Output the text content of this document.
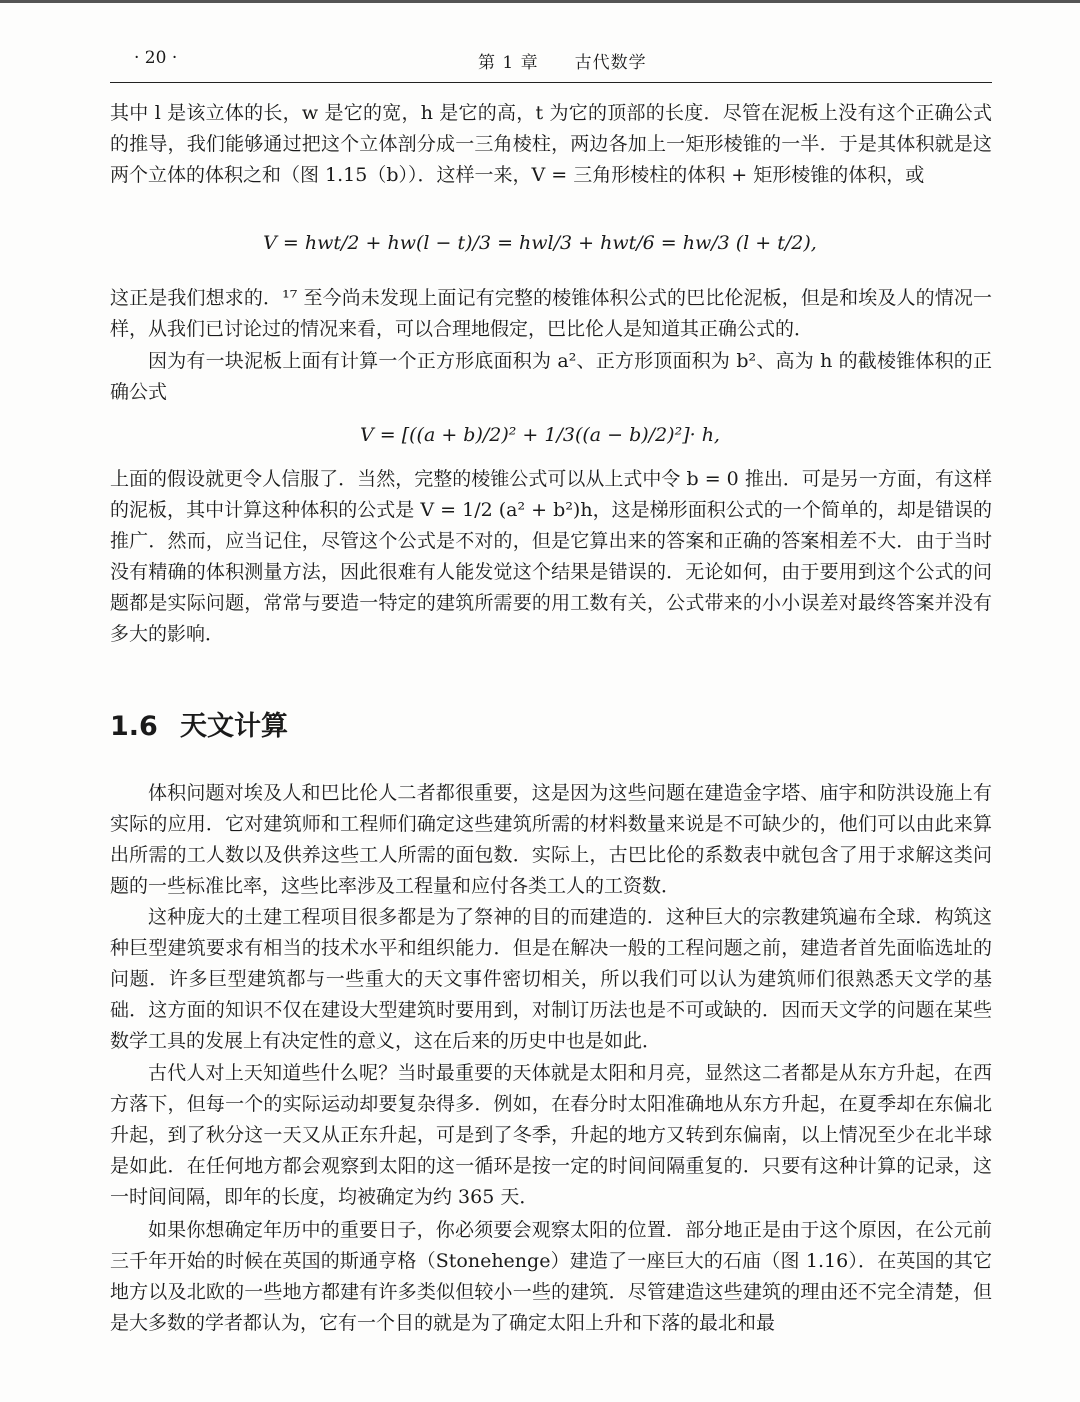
· 20 ·	第 1 章　　古代数学

其中 l 是该立体的长，w 是它的宽，h 是它的高，t 为它的顶部的长度．尽管在泥板上没有这个正确公式的推导，我们能够通过把这个立体剖分成一三角棱柱，两边各加上一矩形棱锥的一半．于是其体积就是这两个立体的体积之和（图 1.15（b））．这样一来，V = 三角形棱柱的体积 + 矩形棱锥的体积，或

V = hwt/2 + hw(l − t)/3 = hwl/3 + hwt/6 = hw/3 (l + t/2),

这正是我们想求的．¹⁷ 至今尚未发现上面记有完整的棱锥体积公式的巴比伦泥板，但是和埃及人的情况一样，从我们已讨论过的情况来看，可以合理地假定，巴比伦人是知道其正确公式的．

因为有一块泥板上面有计算一个正方形底面积为 a²、正方形顶面积为 b²、高为 h 的截棱锥体积的正确公式

V = [((a + b)/2)² + 1/3((a − b)/2)²]· h,

上面的假设就更令人信服了．当然，完整的棱锥公式可以从上式中令 b = 0 推出．可是另一方面，有这样的泥板，其中计算这种体积的公式是 V = 1/2 (a² + b²)h，这是梯形面积公式的一个简单的，却是错误的推广．然而，应当记住，尽管这个公式是不对的，但是它算出来的答案和正确的答案相差不大．由于当时没有精确的体积测量方法，因此很难有人能发觉这个结果是错误的．无论如何，由于要用到这个公式的问题都是实际问题，常常与要造一特定的建筑所需要的用工数有关，公式带来的小小误差对最终答案并没有多大的影响．

1.6 天文计算

体积问题对埃及人和巴比伦人二者都很重要，这是因为这些问题在建造金字塔、庙宇和防洪设施上有实际的应用．它对建筑师和工程师们确定这些建筑所需的材料数量来说是不可缺少的，他们可以由此来算出所需的工人数以及供养这些工人所需的面包数．实际上，古巴比伦的系数表中就包含了用于求解这类问题的一些标准比率，这些比率涉及工程量和应付各类工人的工资数．

这种庞大的土建工程项目很多都是为了祭神的目的而建造的．这种巨大的宗教建筑遍布全球．构筑这种巨型建筑要求有相当的技术水平和组织能力．但是在解决一般的工程问题之前，建造者首先面临选址的问题．许多巨型建筑都与一些重大的天文事件密切相关，所以我们可以认为建筑师们很熟悉天文学的基础．这方面的知识不仅在建设大型建筑时要用到，对制订历法也是不可或缺的．因而天文学的问题在某些数学工具的发展上有决定性的意义，这在后来的历史中也是如此．

古代人对上天知道些什么呢？当时最重要的天体就是太阳和月亮，显然这二者都是从东方升起，在西方落下，但每一个的实际运动却要复杂得多．例如，在春分时太阳准确地从东方升起，在夏季却在东偏北升起，到了秋分这一天又从正东升起，可是到了冬季，升起的地方又转到东偏南，以上情况至少在北半球是如此．在任何地方都会观察到太阳的这一循环是按一定的时间间隔重复的．只要有这种计算的记录，这一时间间隔，即年的长度，均被确定为约 365 天．

如果你想确定年历中的重要日子，你必须要会观察太阳的位置．部分地正是由于这个原因，在公元前三千年开始的时候在英国的斯通亨格（Stonehenge）建造了一座巨大的石庙（图 1.16）．在英国的其它地方以及北欧的一些地方都建有许多类似但较小一些的建筑．尽管建造这些建筑的理由还不完全清楚，但是大多数的学者都认为，它有一个目的就是为了确定太阳上升和下落的最北和最
